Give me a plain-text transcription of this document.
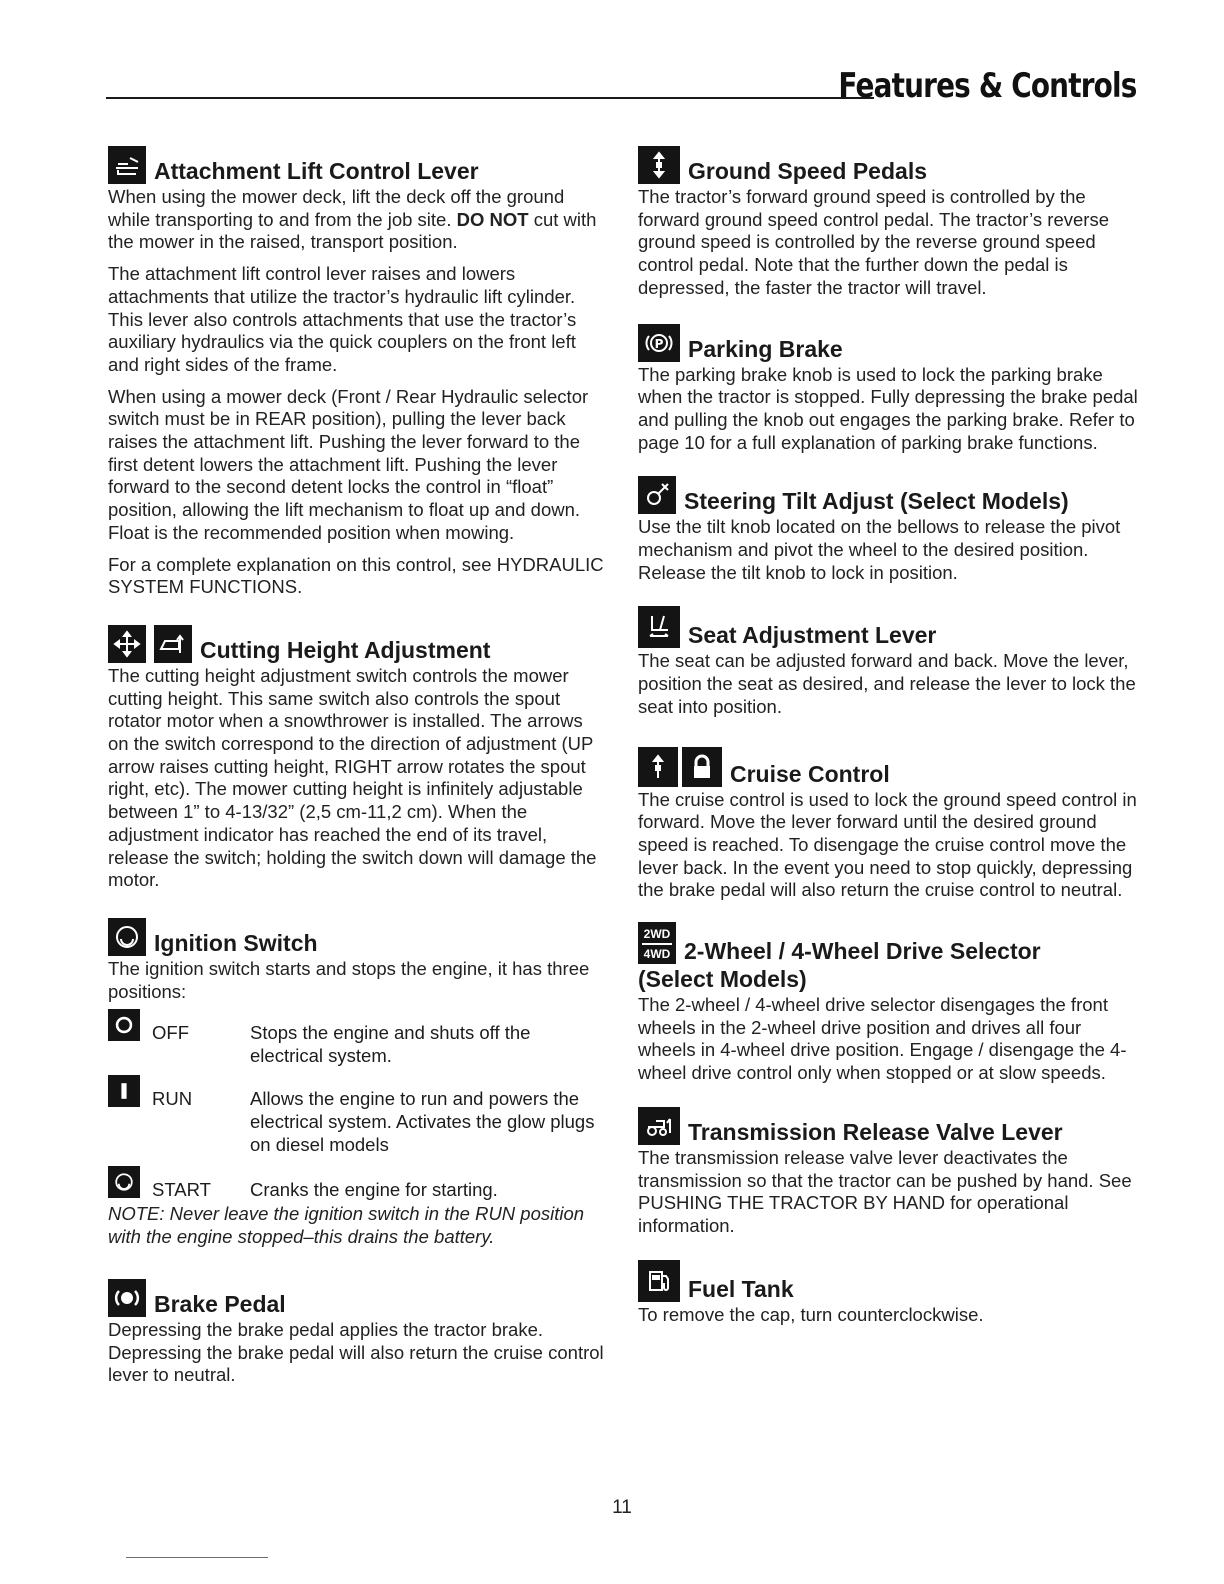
Features & Controls
Attachment Lift Control Lever

When using the mower deck, lift the deck off the ground while transporting to and from the job site. DO NOT cut with the mower in the raised, transport position.

The attachment lift control lever raises and lowers attachments that utilize the tractor’s hydraulic lift cylinder. This lever also controls attachments that use the tractor’s auxiliary hydraulics via the quick couplers on the front left and right sides of the frame.

When using a mower deck (Front / Rear Hydraulic selector switch must be in REAR position), pulling the lever back raises the attachment lift. Pushing the lever forward to the first detent lowers the attachment lift. Pushing the lever forward to the second detent locks the control in “float” position, allowing the lift mechanism to float up and down. Float is the recommended position when mowing.

For a complete explanation on this control, see HYDRAULIC SYSTEM FUNCTIONS.

Cutting Height Adjustment

The cutting height adjustment switch controls the mower cutting height. This same switch also controls the spout rotator motor when a snowthrower is installed. The arrows on the switch correspond to the direction of adjustment (UP arrow raises cutting height, RIGHT arrow rotates the spout right, etc). The mower cutting height is infinitely adjustable between 1” to 4-13/32” (2,5 cm-11,2 cm). When the adjustment indicator has reached the end of its travel, release the switch; holding the switch down will damage the motor.

Ignition Switch

The ignition switch starts and stops the engine, it has three positions:

OFF	Stops the engine and shuts off the electrical system.
RUN	Allows the engine to run and powers the electrical system. Activates the glow plugs on diesel models
START	Cranks the engine for starting.

NOTE: Never leave the ignition switch in the RUN position with the engine stopped–this drains the battery.

Brake Pedal

Depressing the brake pedal applies the tractor brake. Depressing the brake pedal will also return the cruise control lever to neutral.

Ground Speed Pedals

The tractor’s forward ground speed is controlled by the forward ground speed control pedal. The tractor’s reverse ground speed is controlled by the reverse ground speed control pedal. Note that the further down the pedal is depressed, the faster the tractor will travel.

P Parking Brake

The parking brake knob is used to lock the parking brake when the tractor is stopped. Fully depressing the brake pedal and pulling the knob out engages the parking brake. Refer to page 10 for a full explanation of parking brake functions.

Steering Tilt Adjust (Select Models)

Use the tilt knob located on the bellows to release the pivot mechanism and pivot the wheel to the desired position. Release the tilt knob to lock in position.

Seat Adjustment Lever

The seat can be adjusted forward and back. Move the lever, position the seat as desired, and release the lever to lock the seat into position.

Cruise Control

The cruise control is used to lock the ground speed control in forward. Move the lever forward until the desired ground speed is reached. To disengage the cruise control move the lever back. In the event you need to stop quickly, depressing the brake pedal will also return the cruise control to neutral.

2WD
4WD 2-Wheel / 4-Wheel Drive Selector
(Select Models)

The 2-wheel / 4-wheel drive selector disengages the front wheels in the 2-wheel drive position and drives all four wheels in 4-wheel drive position. Engage / disengage the 4-wheel drive control only when stopped or at slow speeds.

Transmission Release Valve Lever

The transmission release valve lever deactivates the transmission so that the tractor can be pushed by hand. See PUSHING THE TRACTOR BY HAND for operational information.

Fuel Tank

To remove the cap, turn counterclockwise.

11
